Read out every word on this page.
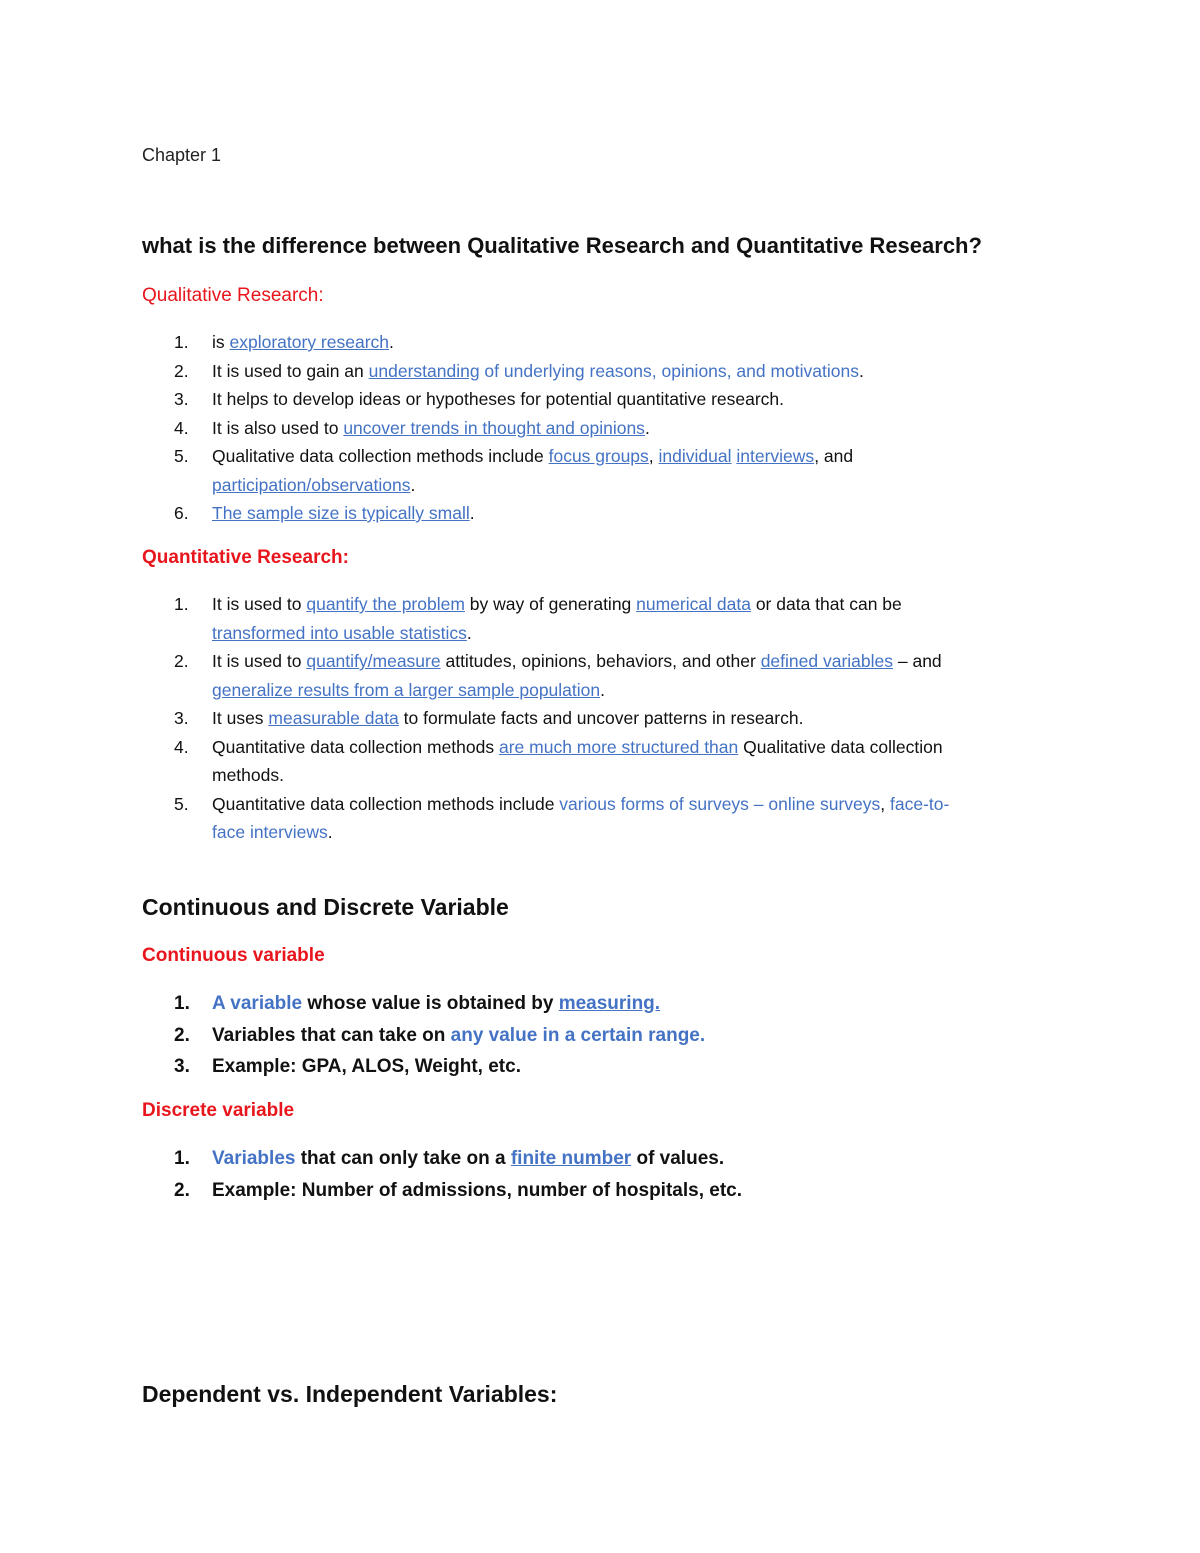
Chapter 1
what is the difference between Qualitative Research and Quantitative Research?
Qualitative Research:
1. is exploratory research.
2. It is used to gain an understanding of underlying reasons, opinions, and motivations.
3. It helps to develop ideas or hypotheses for potential quantitative research.
4. It is also used to uncover trends in thought and opinions.
5. Qualitative data collection methods include focus groups, individual interviews, and
participation/observations.
6. The sample size is typically small.
Quantitative Research:
1. It is used to quantify the problem by way of generating numerical data or data that can be
transformed into usable statistics.
2. It is used to quantify/measure attitudes, opinions, behaviors, and other defined variables – and
generalize results from a larger sample population.
3. It uses measurable data to formulate facts and uncover patterns in research.
4. Quantitative data collection methods are much more structured than Qualitative data collection
methods.
5. Quantitative data collection methods include various forms of surveys – online surveys, face-to-
face interviews.
Continuous and Discrete Variable
Continuous variable
1. A variable whose value is obtained by measuring.
2. Variables that can take on any value in a certain range.
3. Example: GPA, ALOS, Weight, etc.
Discrete variable
1. Variables that can only take on a finite number of values.
2. Example: Number of admissions, number of hospitals, etc.
Dependent vs. Independent Variables:
